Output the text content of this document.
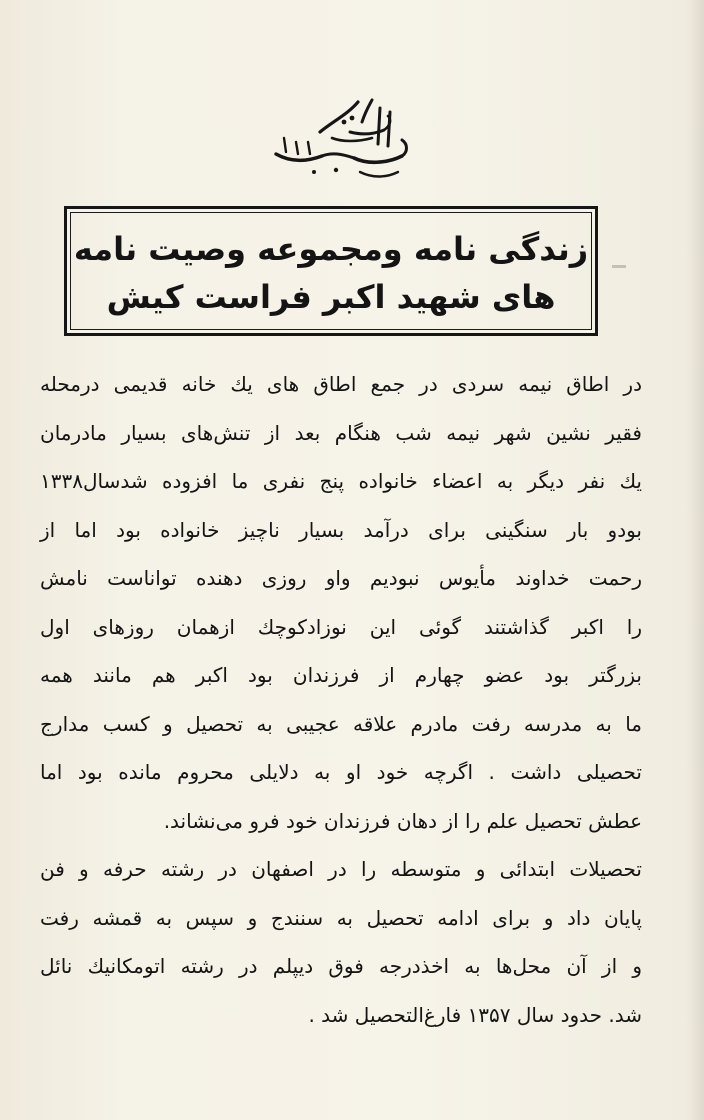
زندگی نامه ومجموعه وصیت نامه
های شهید اکبر فراست کیش
در اطاق نیمه سردی در جمع اطاق های یك خانه قدیمی درمحله
فقیر نشین شهر نیمه شب هنگام بعد از تنش‌های بسیار مادرمان
یك نفر دیگر به اعضاء خانواده پنج نفری ما افزوده شدسال۱۳۳۸
بودو بار سنگینی برای درآمد بسیار ناچیز خانواده بود اما از
رحمت خداوند مأیوس نبودیم واو روزی دهنده تواناست نامش
را اکبر گذاشتند گوئی این نوزادکوچك ازهمان روزهای اول
بزرگتر بود عضو چهارم از فرزندان بود اکبر هم مانند همه
ما به مدرسه رفت مادرم علاقه عجیبی به تحصیل و کسب مدارج
تحصیلی داشت . اگرچه خود او به دلایلی محروم مانده بود اما
عطش تحصیل علم را از دهان فرزندان خود فرو می‌نشاند.
تحصیلات ابتدائی و متوسطه را در اصفهان در رشته حرفه و فن
پایان داد و برای ادامه تحصیل به سنندج و سپس به قمشه رفت
و از آن محل‌ها به اخذدرجه فوق دیپلم در رشته اتومکانیك نائل
شد. حدود سال ۱۳۵۷ فارغ‌التحصیل شد .
